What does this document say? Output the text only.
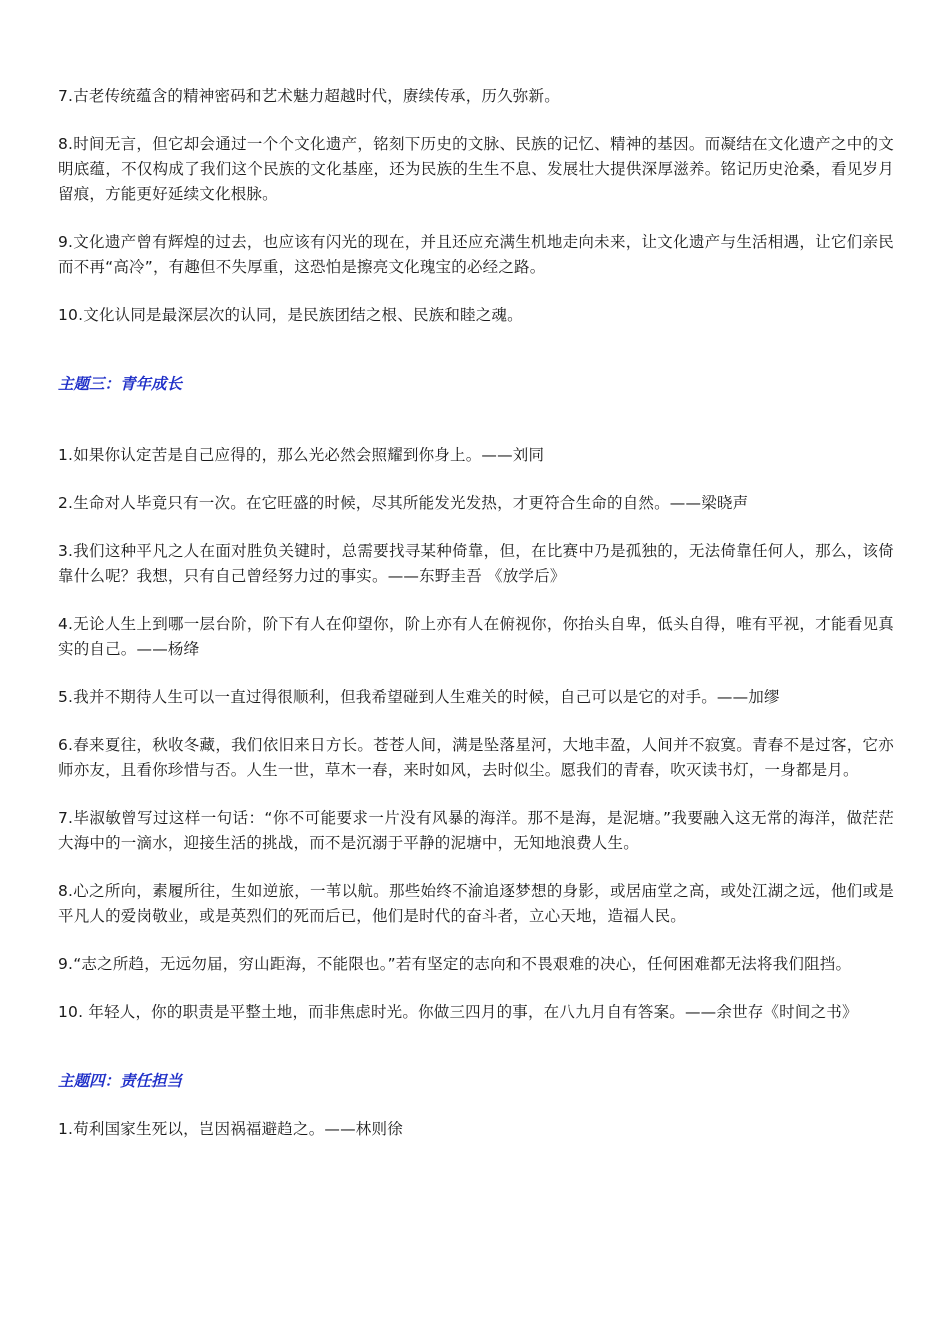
7.古老传统蕴含的精神密码和艺术魅力超越时代，赓续传承，历久弥新。

8.时间无言，但它却会通过一个个文化遗产，铭刻下历史的文脉、民族的记忆、精神的基因。而凝结在文化遗产之中的文明底蕴，不仅构成了我们这个民族的文化基座，还为民族的生生不息、发展壮大提供深厚滋养。铭记历史沧桑，看见岁月留痕，方能更好延续文化根脉。

9.文化遗产曾有辉煌的过去，也应该有闪光的现在，并且还应充满生机地走向未来，让文化遗产与生活相遇，让它们亲民而不再“高冷”，有趣但不失厚重，这恐怕是擦亮文化瑰宝的必经之路。

10.文化认同是最深层次的认同，是民族团结之根、民族和睦之魂。

主题三：青年成长

1.如果你认定苦是自己应得的，那么光必然会照耀到你身上。——刘同

2.生命对人毕竟只有一次。在它旺盛的时候，尽其所能发光发热，才更符合生命的自然。——梁晓声

3.我们这种平凡之人在面对胜负关键时，总需要找寻某种倚靠，但，在比赛中乃是孤独的，无法倚靠任何人，那么，该倚靠什么呢？我想，只有自己曾经努力过的事实。——东野圭吾 《放学后》

4.无论人生上到哪一层台阶，阶下有人在仰望你，阶上亦有人在俯视你，你抬头自卑，低头自得，唯有平视，才能看见真实的自己。——杨绛

5.我并不期待人生可以一直过得很顺利，但我希望碰到人生难关的时候，自己可以是它的对手。——加缪

6.春来夏往，秋收冬藏，我们依旧来日方长。苍苍人间，满是坠落星河，大地丰盈，人间并不寂寞。青春不是过客，它亦师亦友，且看你珍惜与否。人生一世，草木一春，来时如风，去时似尘。愿我们的青春，吹灭读书灯，一身都是月。

7.毕淑敏曾写过这样一句话：“你不可能要求一片没有风暴的海洋。那不是海，是泥塘。”我要融入这无常的海洋，做茫茫大海中的一滴水，迎接生活的挑战，而不是沉溺于平静的泥塘中，无知地浪费人生。

8.心之所向，素履所往，生如逆旅，一苇以航。那些始终不渝追逐梦想的身影，或居庙堂之高，或处江湖之远，他们或是平凡人的爱岗敬业，或是英烈们的死而后已，他们是时代的奋斗者，立心天地，造福人民。

9.“志之所趋，无远勿届，穷山距海，不能限也。”若有坚定的志向和不畏艰难的决心，任何困难都无法将我们阻挡。

10. 年轻人，你的职责是平整土地，而非焦虑时光。你做三四月的事，在八九月自有答案。——余世存《时间之书》

主题四：责任担当

1.苟利国家生死以，岂因祸福避趋之。——林则徐
